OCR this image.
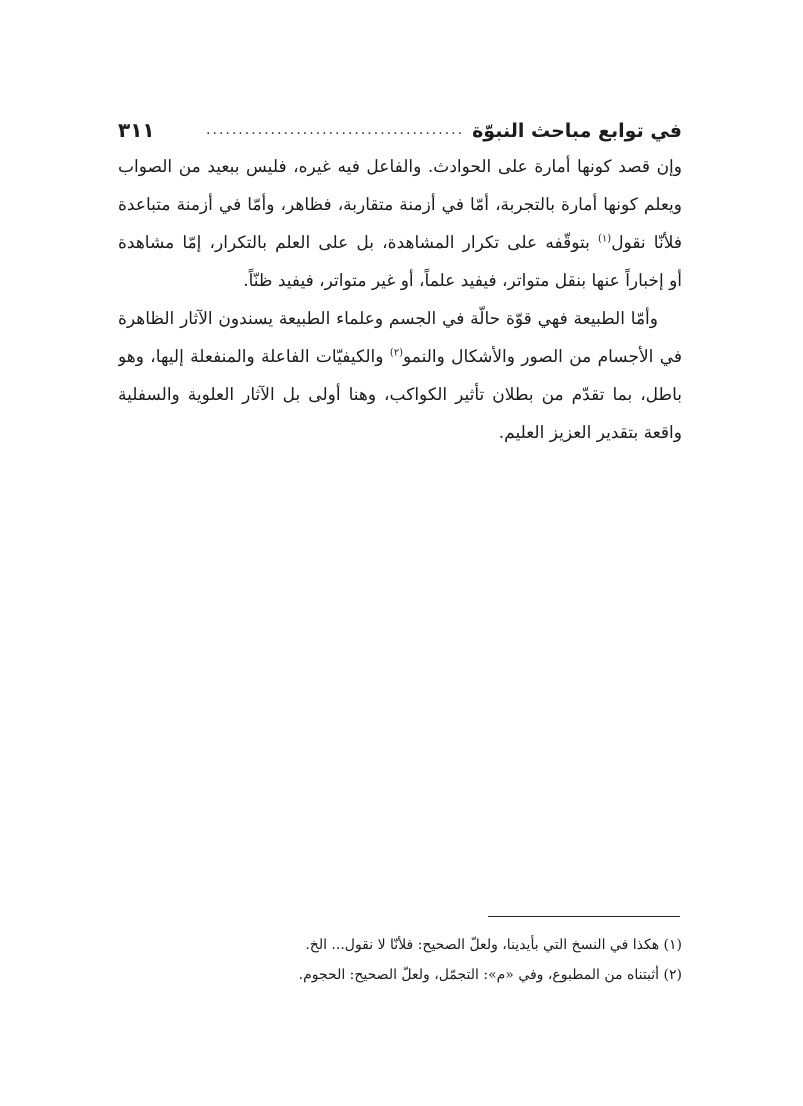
في توابع مباحث النبوّة
........................................
٣١١
وإن قصد كونها أمارة على الحوادث. والفاعل فيه غيره، فليس ببعيد من الصواب
ويعلم كونها أمارة بالتجربة، أمّا في أزمنة متقاربة، فظاهر، وأمّا في أزمنة متباعدة
فلأنّا نقول$^{(١)}$ بتوقّفه على تكرار المشاهدة، بل على العلم بالتكرار، إمّا مشاهدة
أو إخباراً عنها بنقل متواتر، فيفيد علماً، أو غير متواتر، فيفيد ظنّاً.
وأمّا الطبيعة فهي قوّة حالّة في الجسم وعلماء الطبيعة يسندون الآثار الظاهرة
في الأجسام من الصور والأشكال والنمو$^{(٢)}$ والكيفيّات الفاعلة والمنفعلة إليها، وهو
باطل، بما تقدّم من بطلان تأثير الكواكب، وهنا أولى بل الآثار العلوية والسفلية
واقعة بتقدير العزيز العليم.
(١) هكذا في النسخ التي بأيدينا، ولعلّ الصحيح: فلأنّا لا نقول... الخ.
(٢) أثبتناه من المطبوع، وفي «م»: التجمّل، ولعلّ الصحيح: الحجوم.
